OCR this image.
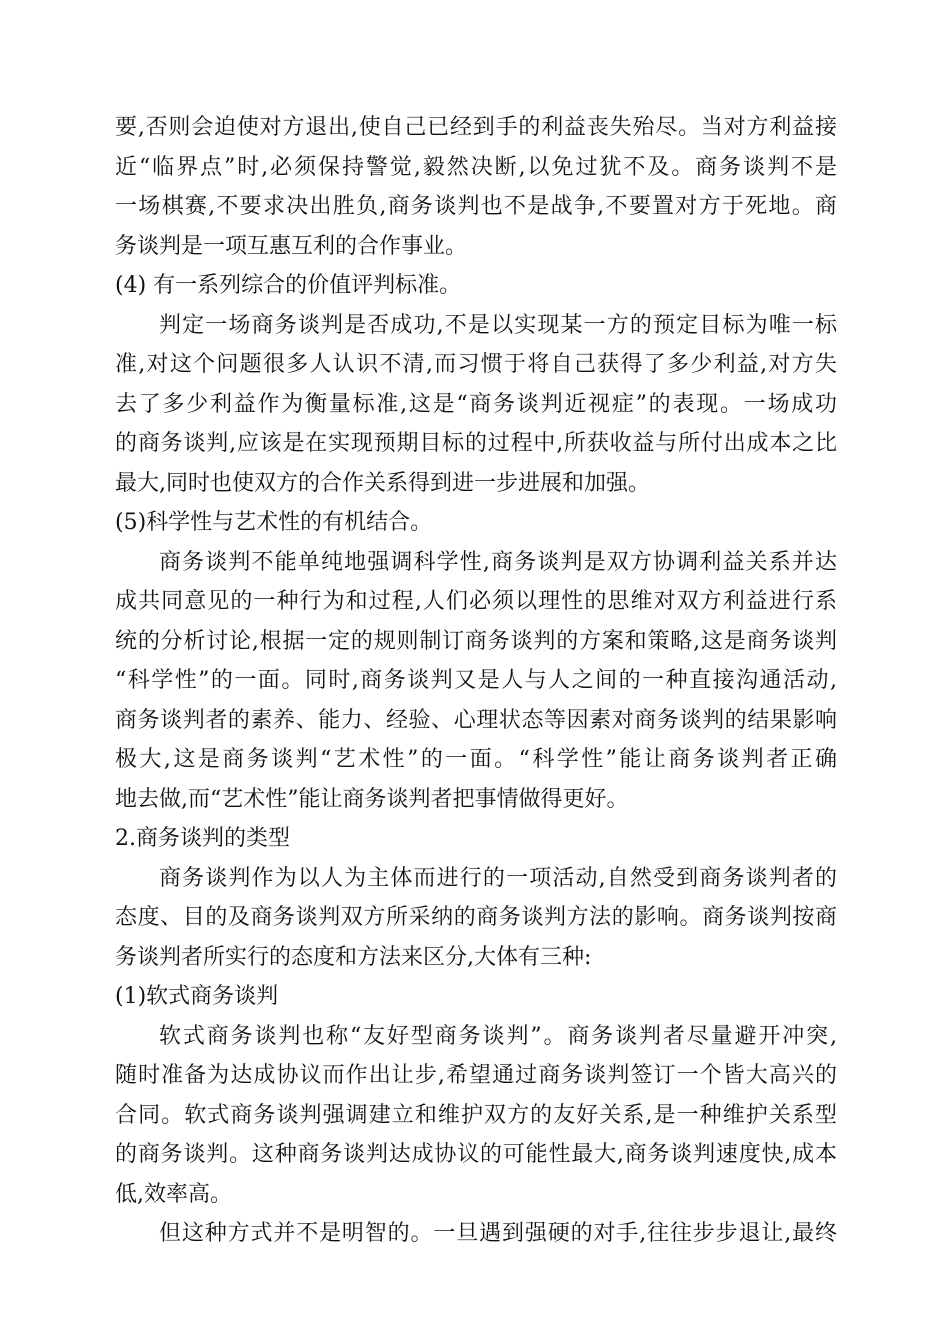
要,否则会迫使对方退出,使自己已经到手的利益丧失殆尽。当对方利益接
近“临界点”时,必须保持警觉,毅然决断,以免过犹不及。商务谈判不是
一场棋赛,不要求决出胜负,商务谈判也不是战争,不要置对方于死地。商
务谈判是一项互惠互利的合作事业。
(4) 有一系列综合的价值评判标准。
判定一场商务谈判是否成功,不是以实现某一方的预定目标为唯一标
准,对这个问题很多人认识不清,而习惯于将自己获得了多少利益,对方失
去了多少利益作为衡量标准,这是“商务谈判近视症”的表现。一场成功
的商务谈判,应该是在实现预期目标的过程中,所获收益与所付出成本之比
最大,同时也使双方的合作关系得到进一步进展和加强。
(5)科学性与艺术性的有机结合。
商务谈判不能单纯地强调科学性,商务谈判是双方协调利益关系并达
成共同意见的一种行为和过程,人们必须以理性的思维对双方利益进行系
统的分析讨论,根据一定的规则制订商务谈判的方案和策略,这是商务谈判
“科学性”的一面。同时,商务谈判又是人与人之间的一种直接沟通活动,
商务谈判者的素养、能力、经验、心理状态等因素对商务谈判的结果影响
极大,这是商务谈判“艺术性”的一面。“科学性”能让商务谈判者正确
地去做,而“艺术性”能让商务谈判者把事情做得更好。
2.商务谈判的类型
商务谈判作为以人为主体而进行的一项活动,自然受到商务谈判者的
态度、目的及商务谈判双方所采纳的商务谈判方法的影响。商务谈判按商
务谈判者所实行的态度和方法来区分,大体有三种:
(1)软式商务谈判
软式商务谈判也称“友好型商务谈判”。商务谈判者尽量避开冲突,
随时准备为达成协议而作出让步,希望通过商务谈判签订一个皆大高兴的
合同。软式商务谈判强调建立和维护双方的友好关系,是一种维护关系型
的商务谈判。这种商务谈判达成协议的可能性最大,商务谈判速度快,成本
低,效率高。
但这种方式并不是明智的。一旦遇到强硬的对手,往往步步退让,最终
